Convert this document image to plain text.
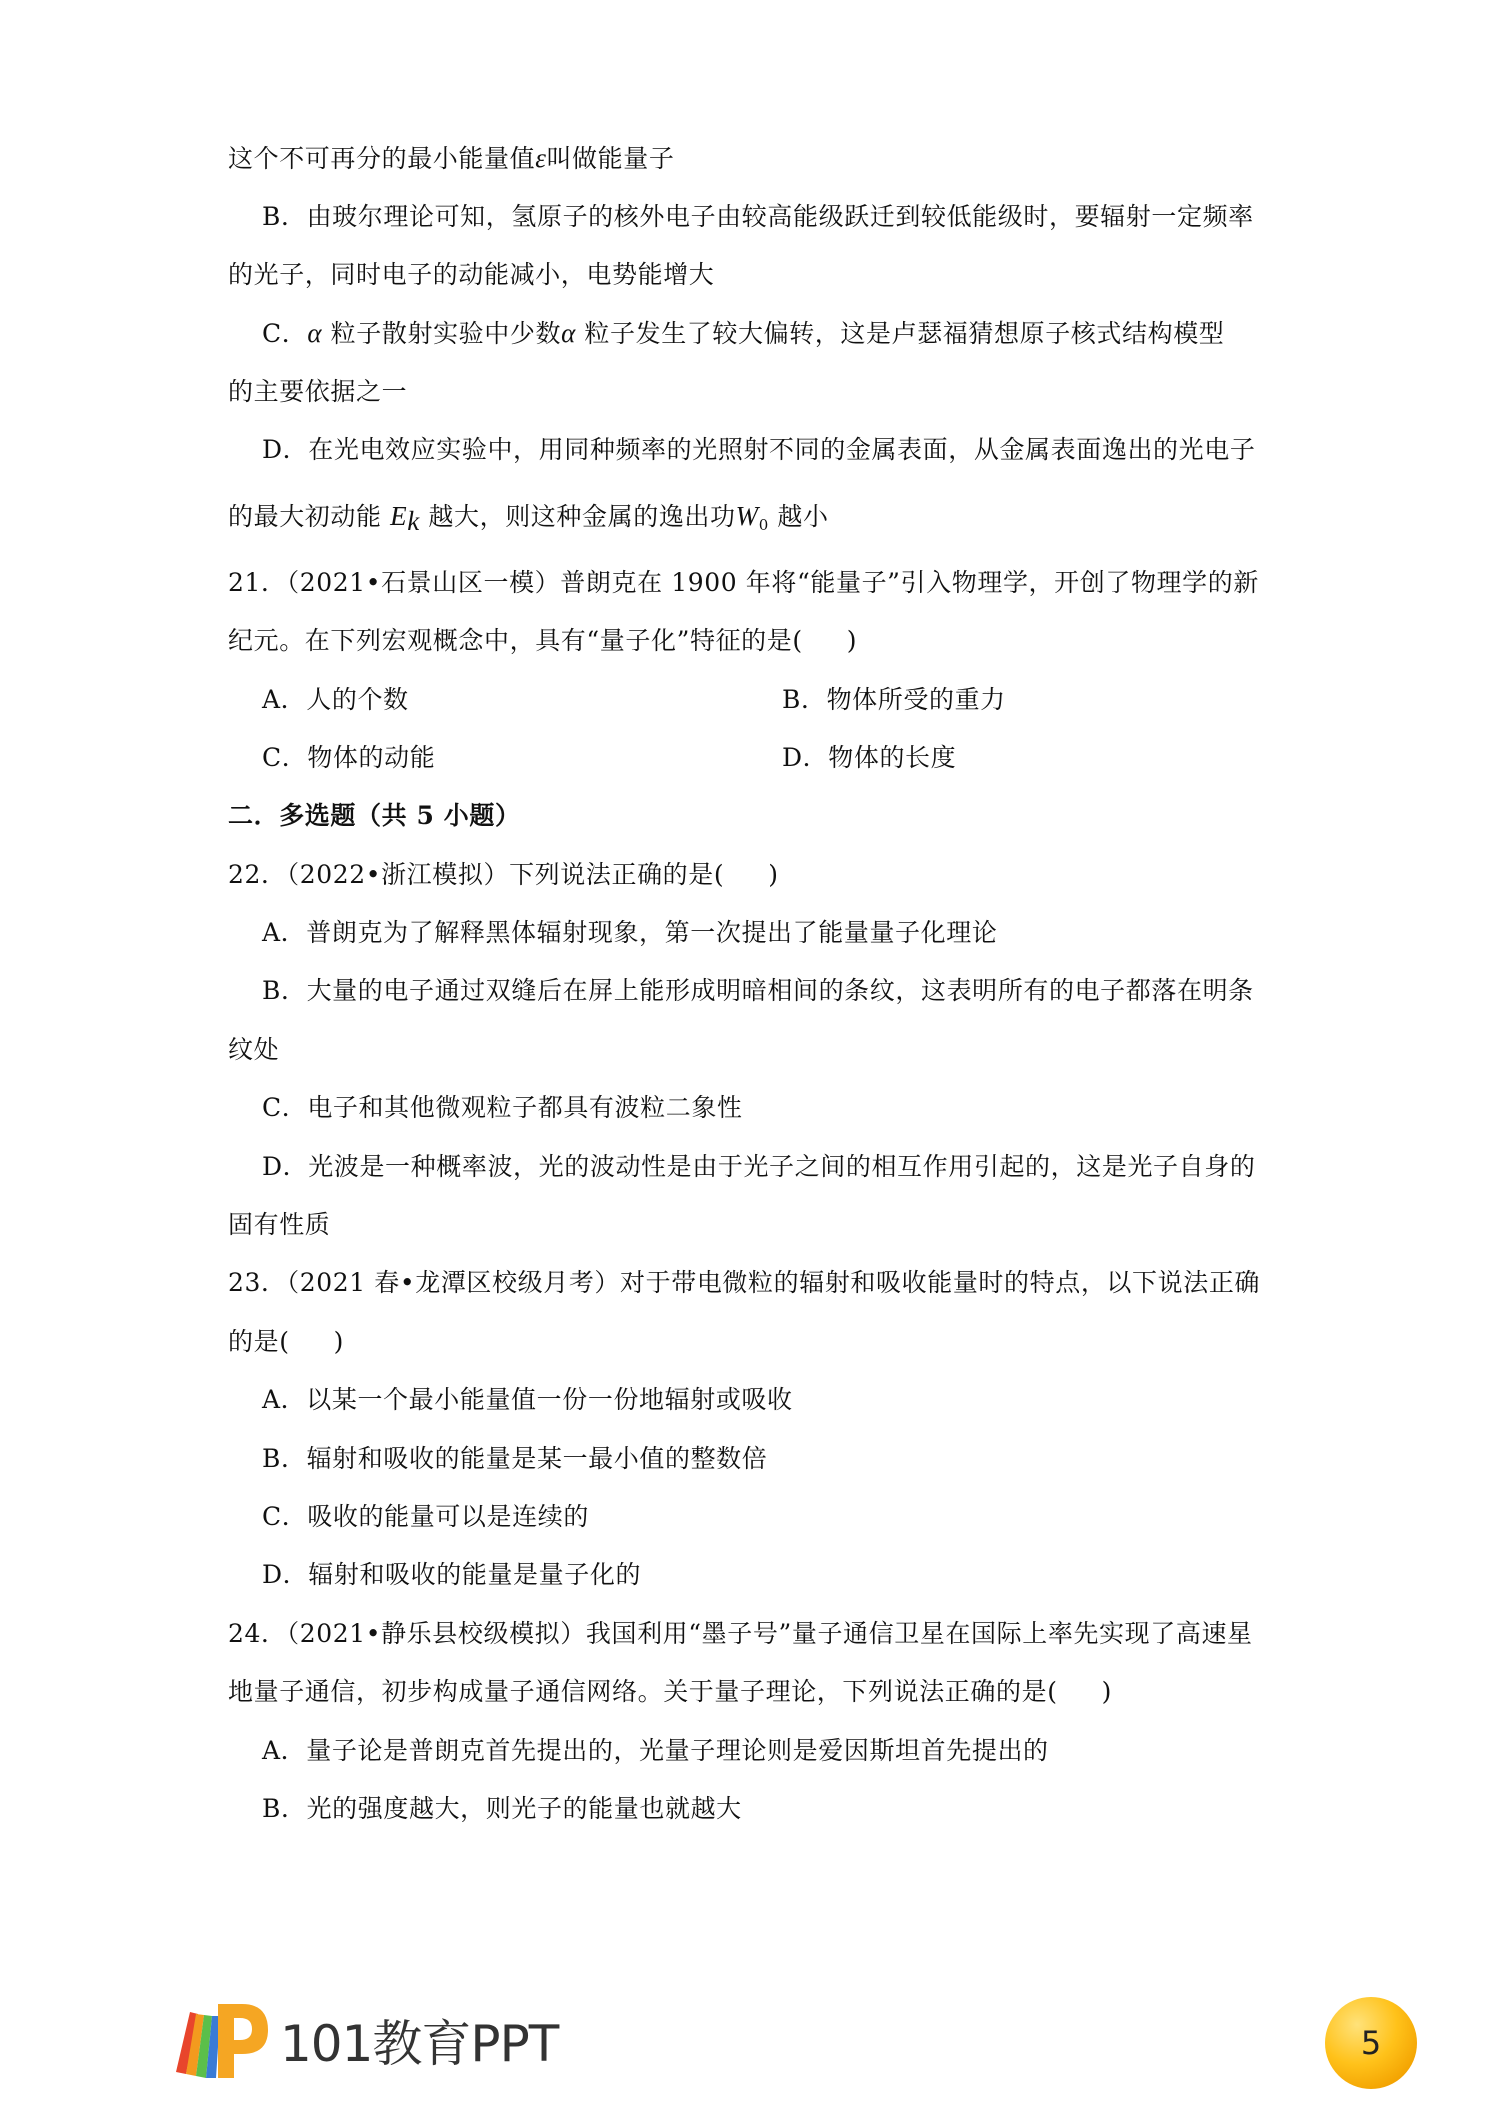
这个不可再分的最小能量值ε叫做能量子
B．由玻尔理论可知，氢原子的核外电子由较高能级跃迁到较低能级时，要辐射一定频率
的光子，同时电子的动能减小，电势能增大
C．α 粒子散射实验中少数α 粒子发生了较大偏转，这是卢瑟福猜想原子核式结构模型
的主要依据之一
D．在光电效应实验中，用同种频率的光照射不同的金属表面，从金属表面逸出的光电子
的最大初动能 $E_k$ 越大，则这种金属的逸出功$W_0$ 越小
21．（2021•石景山区一模）普朗克在 1900 年将“能量子”引入物理学，开创了物理学的新
纪元。在下列宏观概念中，具有“量子化”特征的是( )
A．人的个数	B．物体所受的重力
C．物体的动能	D．物体的长度
二．多选题（共 5 小题）
22．（2022•浙江模拟）下列说法正确的是( )
A．普朗克为了解释黑体辐射现象，第一次提出了能量量子化理论
B．大量的电子通过双缝后在屏上能形成明暗相间的条纹，这表明所有的电子都落在明条
纹处
C．电子和其他微观粒子都具有波粒二象性
D．光波是一种概率波，光的波动性是由于光子之间的相互作用引起的，这是光子自身的
固有性质
23．（2021 春•龙潭区校级月考）对于带电微粒的辐射和吸收能量时的特点，以下说法正确
的是( )
A．以某一个最小能量值一份一份地辐射或吸收
B．辐射和吸收的能量是某一最小值的整数倍
C．吸收的能量可以是连续的
D．辐射和吸收的能量是量子化的
24．（2021•静乐县校级模拟）我国利用“墨子号”量子通信卫星在国际上率先实现了高速星
地量子通信，初步构成量子通信网络。关于量子理论，下列说法正确的是( )
A．量子论是普朗克首先提出的，光量子理论则是爱因斯坦首先提出的
B．光的强度越大，则光子的能量也就越大
101教育PPT	5
